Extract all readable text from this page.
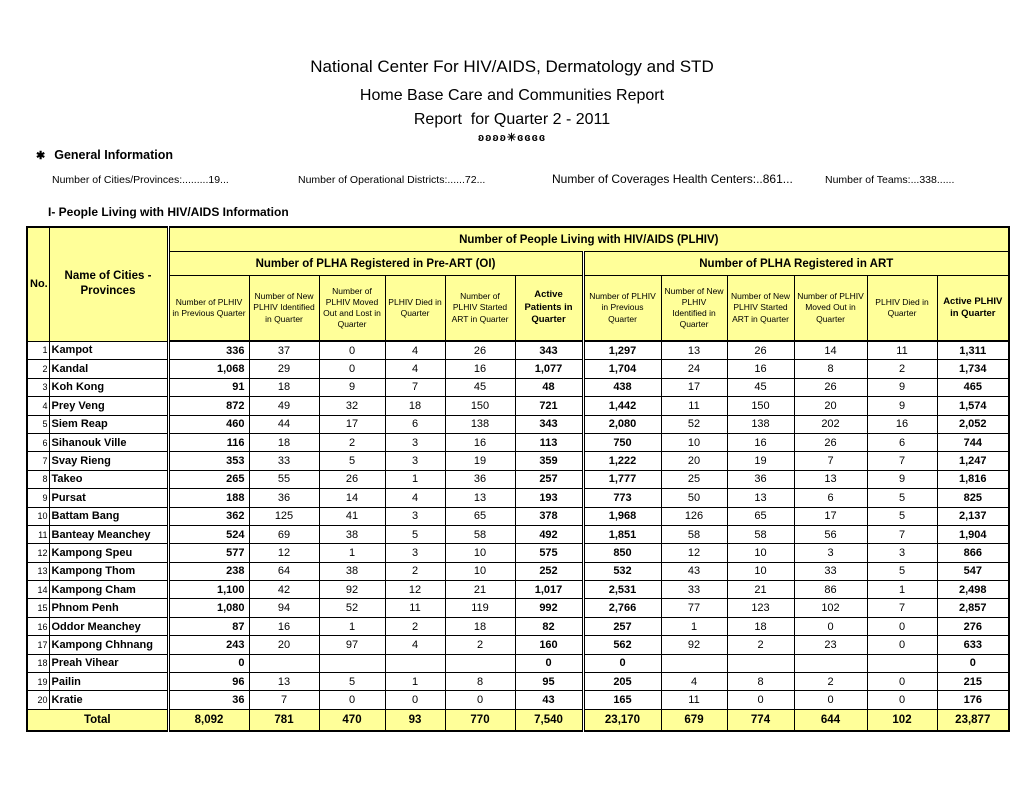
National Center For HIV/AIDS, Dermatology and STD
Home Base Care and Communities Report
Report  for Quarter 2 - 2011
ʚʚʚʚ✳ɞɞɞɞ
✱ General Information
Number of Cities/Provinces:.........19...	Number of Operational Districts:......72...	Number of Coverages Health Centers:..861...	Number of Teams:...338......
I- People Living with HIV/AIDS Information
No.	Name of Cities - Provinces	Number of People Living with HIV/AIDS (PLHIV)											
		Number of PLHA Registered in Pre-ART (OI)						Number of PLHA Registered in ART					
		Number of PLHIV in Previous Quarter	Number of New PLHIV Identified in Quarter	Number of PLHIV Moved Out and Lost in Quarter	PLHIV Died in Quarter	Number of PLHIV Started ART in Quarter	Active Patients in Quarter	Number of PLHIV in Previous Quarter	Number of New PLHIV Identified in Quarter	Number of New PLHIV Started ART in Quarter	Number of PLHIV Moved Out in Quarter	PLHIV Died in Quarter	Active PLHIV in Quarter
1	Kampot	336	37	0	4	26	343	1,297	13	26	14	11	1,311
2	Kandal	1,068	29	0	4	16	1,077	1,704	24	16	8	2	1,734
3	Koh Kong	91	18	9	7	45	48	438	17	45	26	9	465
4	Prey Veng	872	49	32	18	150	721	1,442	11	150	20	9	1,574
5	Siem Reap	460	44	17	6	138	343	2,080	52	138	202	16	2,052
6	Sihanouk Ville	116	18	2	3	16	113	750	10	16	26	6	744
7	Svay Rieng	353	33	5	3	19	359	1,222	20	19	7	7	1,247
8	Takeo	265	55	26	1	36	257	1,777	25	36	13	9	1,816
9	Pursat	188	36	14	4	13	193	773	50	13	6	5	825
10	Battam Bang	362	125	41	3	65	378	1,968	126	65	17	5	2,137
11	Banteay Meanchey	524	69	38	5	58	492	1,851	58	58	56	7	1,904
12	Kampong Speu	577	12	1	3	10	575	850	12	10	3	3	866
13	Kampong Thom	238	64	38	2	10	252	532	43	10	33	5	547
14	Kampong Cham	1,100	42	92	12	21	1,017	2,531	33	21	86	1	2,498
15	Phnom Penh	1,080	94	52	11	119	992	2,766	77	123	102	7	2,857
16	Oddor Meanchey	87	16	1	2	18	82	257	1	18	0	0	276
17	Kampong Chhnang	243	20	97	4	2	160	562	92	2	23	0	633
18	Preah Vihear	0					0	0					0
19	Pailin	96	13	5	1	8	95	205	4	8	2	0	215
20	Kratie	36	7	0	0	0	43	165	11	0	0	0	176
Total		8,092	781	470	93	770	7,540	23,170	679	774	644	102	23,877
